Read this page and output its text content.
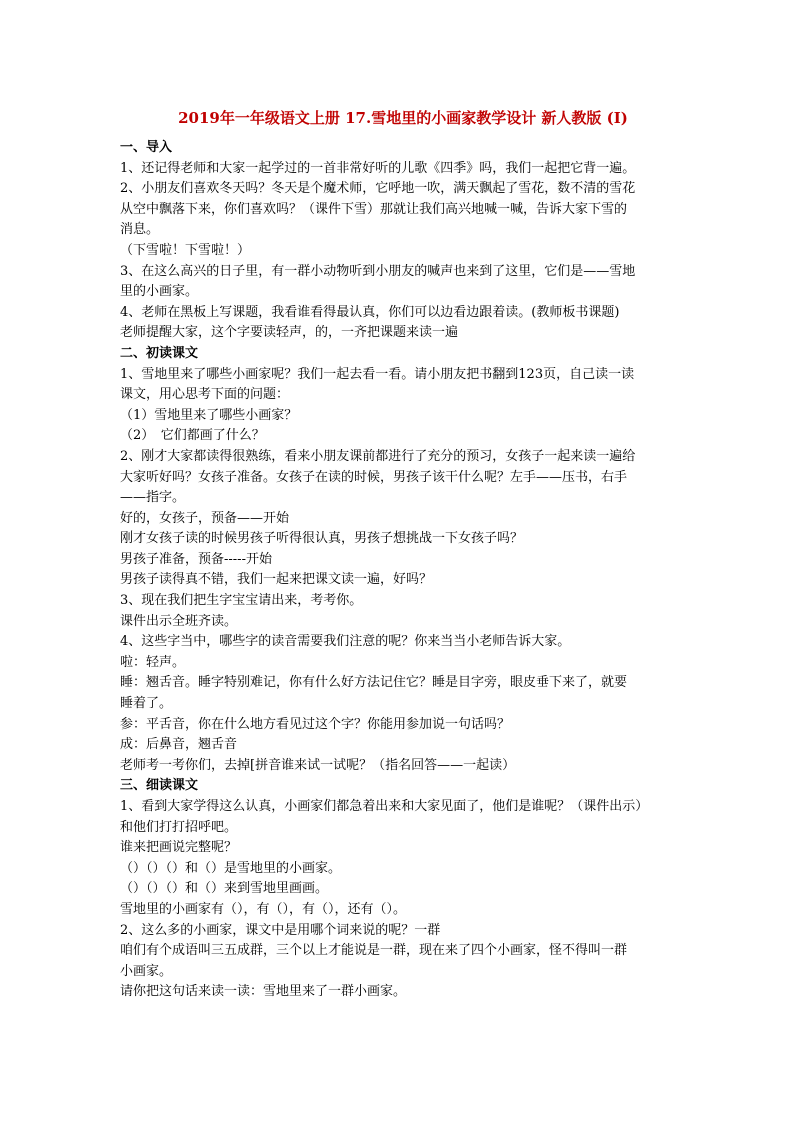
2019年一年级语文上册 17.雪地里的小画家教学设计 新人教版 (I)

一、导入

1、还记得老师和大家一起学过的一首非常好听的儿歌《四季》吗，我们一起把它背一遍。

2、小朋友们喜欢冬天吗？冬天是个魔术师，它呼地一吹，满天飘起了雪花，数不清的雪花

从空中飘落下来，你们喜欢吗？（课件下雪）那就让我们高兴地喊一喊，告诉大家下雪的

消息。

（下雪啦！下雪啦！）

3、在这么高兴的日子里，有一群小动物听到小朋友的喊声也来到了这里，它们是——雪地

里的小画家。

4、老师在黑板上写课题，我看谁看得最认真，你们可以边看边跟着读。(教师板书课题)

老师提醒大家，这个字要读轻声，的，一齐把课题来读一遍

二、初读课文

1、雪地里来了哪些小画家呢？我们一起去看一看。请小朋友把书翻到123页，自己读一读

课文，用心思考下面的问题：

（1）雪地里来了哪些小画家？

（2）　它们都画了什么？

2、刚才大家都读得很熟练，看来小朋友课前都进行了充分的预习，女孩子一起来读一遍给

大家听好吗？女孩子准备。女孩子在读的时候，男孩子该干什么呢？左手——压书，右手

——指字。

好的，女孩子，预备——开始

刚才女孩子读的时候男孩子听得很认真，男孩子想挑战一下女孩子吗？

男孩子准备，预备-----开始

男孩子读得真不错，我们一起来把课文读一遍，好吗？

3、现在我们把生字宝宝请出来，考考你。

课件出示全班齐读。

4、这些字当中，哪些字的读音需要我们注意的呢？你来当当小老师告诉大家。

啦：轻声。

睡：翘舌音。睡字特别难记，你有什么好方法记住它？睡是目字旁，眼皮垂下来了，就要

睡着了。

参：平舌音，你在什么地方看见过这个字？你能用参加说一句话吗？

成：后鼻音，翘舌音

老师考一考你们，去掉[拼音谁来试一试呢？（指名回答——一起读）

三、细读课文

1、看到大家学得这么认真，小画家们都急着出来和大家见面了，他们是谁呢？（课件出示）

和他们打打招呼吧。

谁来把画说完整呢？

（）（）（）和（）是雪地里的小画家。

（）（）（）和（）来到雪地里画画。

雪地里的小画家有（），有（），有（），还有（）。

2、这么多的小画家，课文中是用哪个词来说的呢？一群

咱们有个成语叫三五成群，三个以上才能说是一群，现在来了四个小画家，怪不得叫一群

小画家。

请你把这句话来读一读：雪地里来了一群小画家。
